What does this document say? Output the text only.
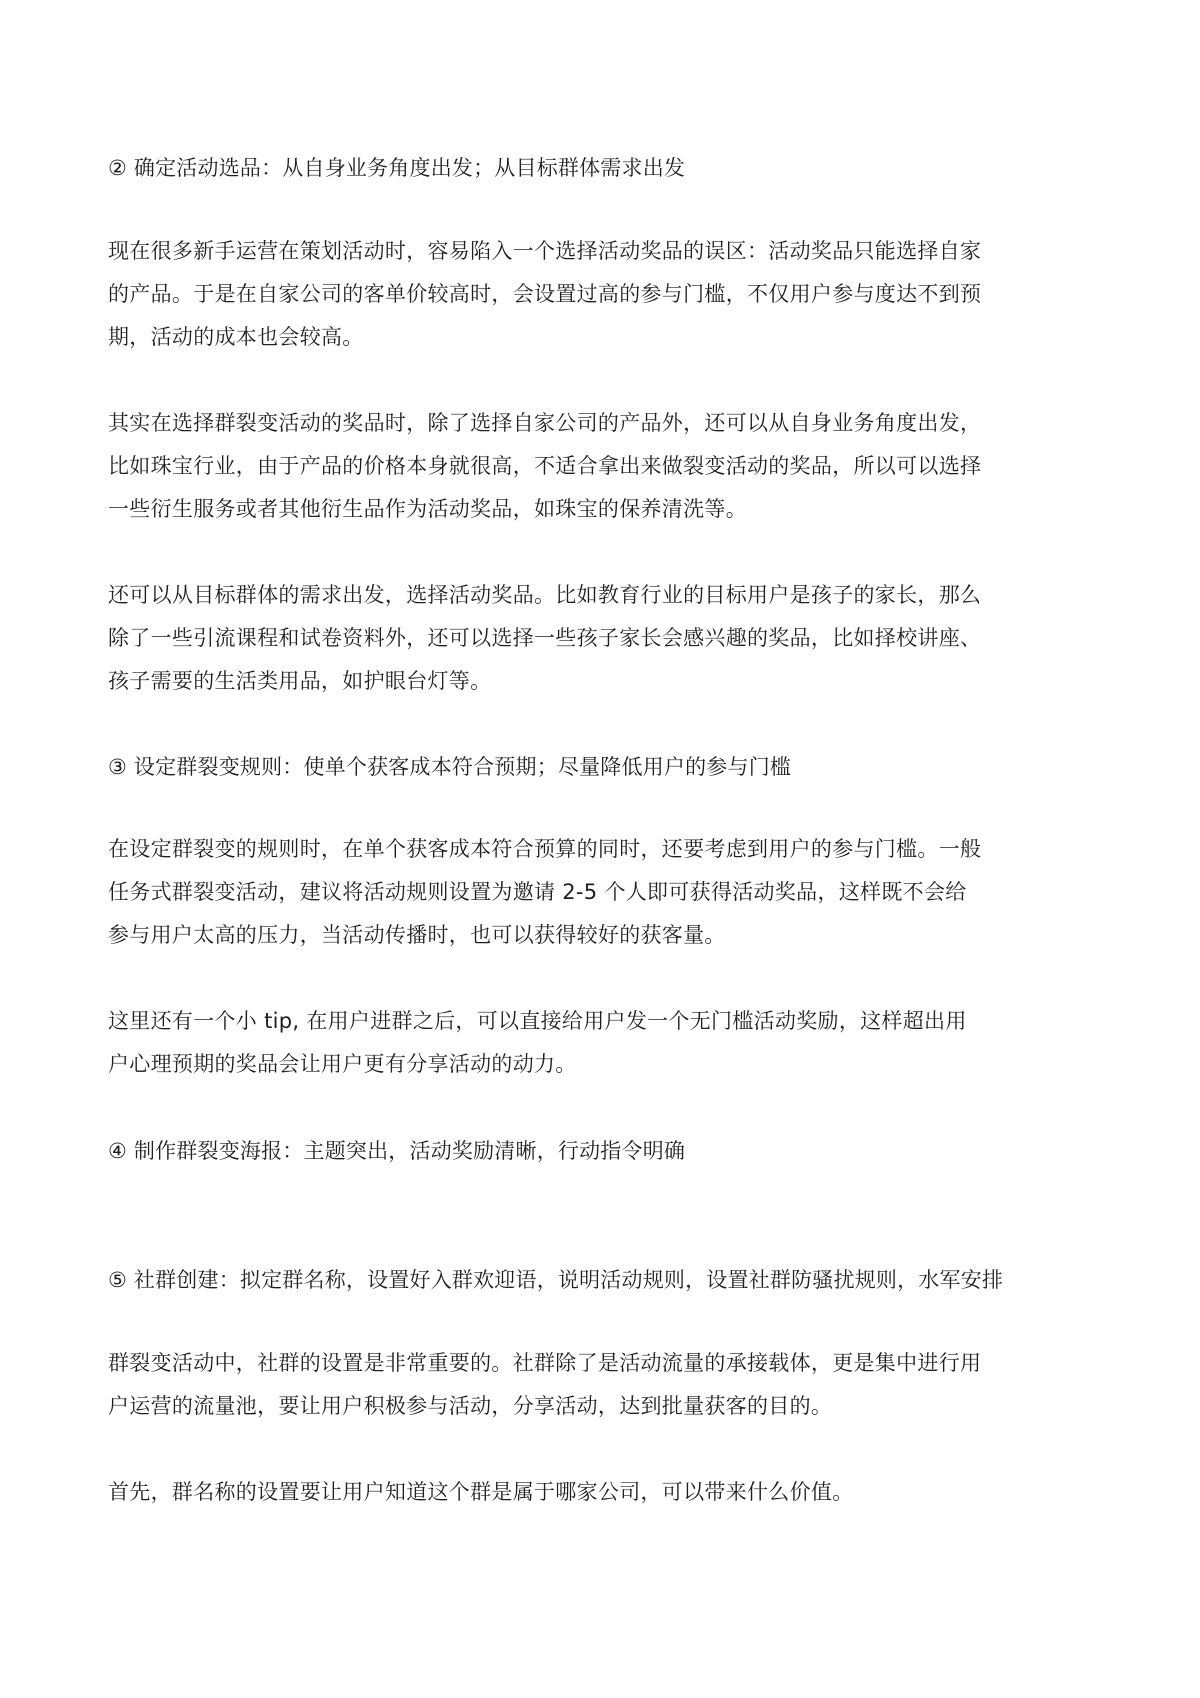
② 确定活动选品：从自身业务角度出发；从目标群体需求出发

现在很多新手运营在策划活动时，容易陷入一个选择活动奖品的误区：活动奖品只能选择自家
的产品。于是在自家公司的客单价较高时，会设置过高的参与门槛，不仅用户参与度达不到预
期，活动的成本也会较高。

其实在选择群裂变活动的奖品时，除了选择自家公司的产品外，还可以从自身业务角度出发，
比如珠宝行业，由于产品的价格本身就很高，不适合拿出来做裂变活动的奖品，所以可以选择
一些衍生服务或者其他衍生品作为活动奖品，如珠宝的保养清洗等。

还可以从目标群体的需求出发，选择活动奖品。比如教育行业的目标用户是孩子的家长，那么
除了一些引流课程和试卷资料外，还可以选择一些孩子家长会感兴趣的奖品，比如择校讲座、
孩子需要的生活类用品，如护眼台灯等。

③ 设定群裂变规则：使单个获客成本符合预期；尽量降低用户的参与门槛

在设定群裂变的规则时，在单个获客成本符合预算的同时，还要考虑到用户的参与门槛。一般
任务式群裂变活动，建议将活动规则设置为邀请 2-5 个人即可获得活动奖品，这样既不会给
参与用户太高的压力，当活动传播时，也可以获得较好的获客量。

这里还有一个小 tip, 在用户进群之后，可以直接给用户发一个无门槛活动奖励，这样超出用
户心理预期的奖品会让用户更有分享活动的动力。

④ 制作群裂变海报：主题突出，活动奖励清晰，行动指令明确

⑤ 社群创建：拟定群名称，设置好入群欢迎语，说明活动规则，设置社群防骚扰规则，水军安排

群裂变活动中，社群的设置是非常重要的。社群除了是活动流量的承接载体，更是集中进行用
户运营的流量池，要让用户积极参与活动，分享活动，达到批量获客的目的。

首先，群名称的设置要让用户知道这个群是属于哪家公司，可以带来什么价值。
